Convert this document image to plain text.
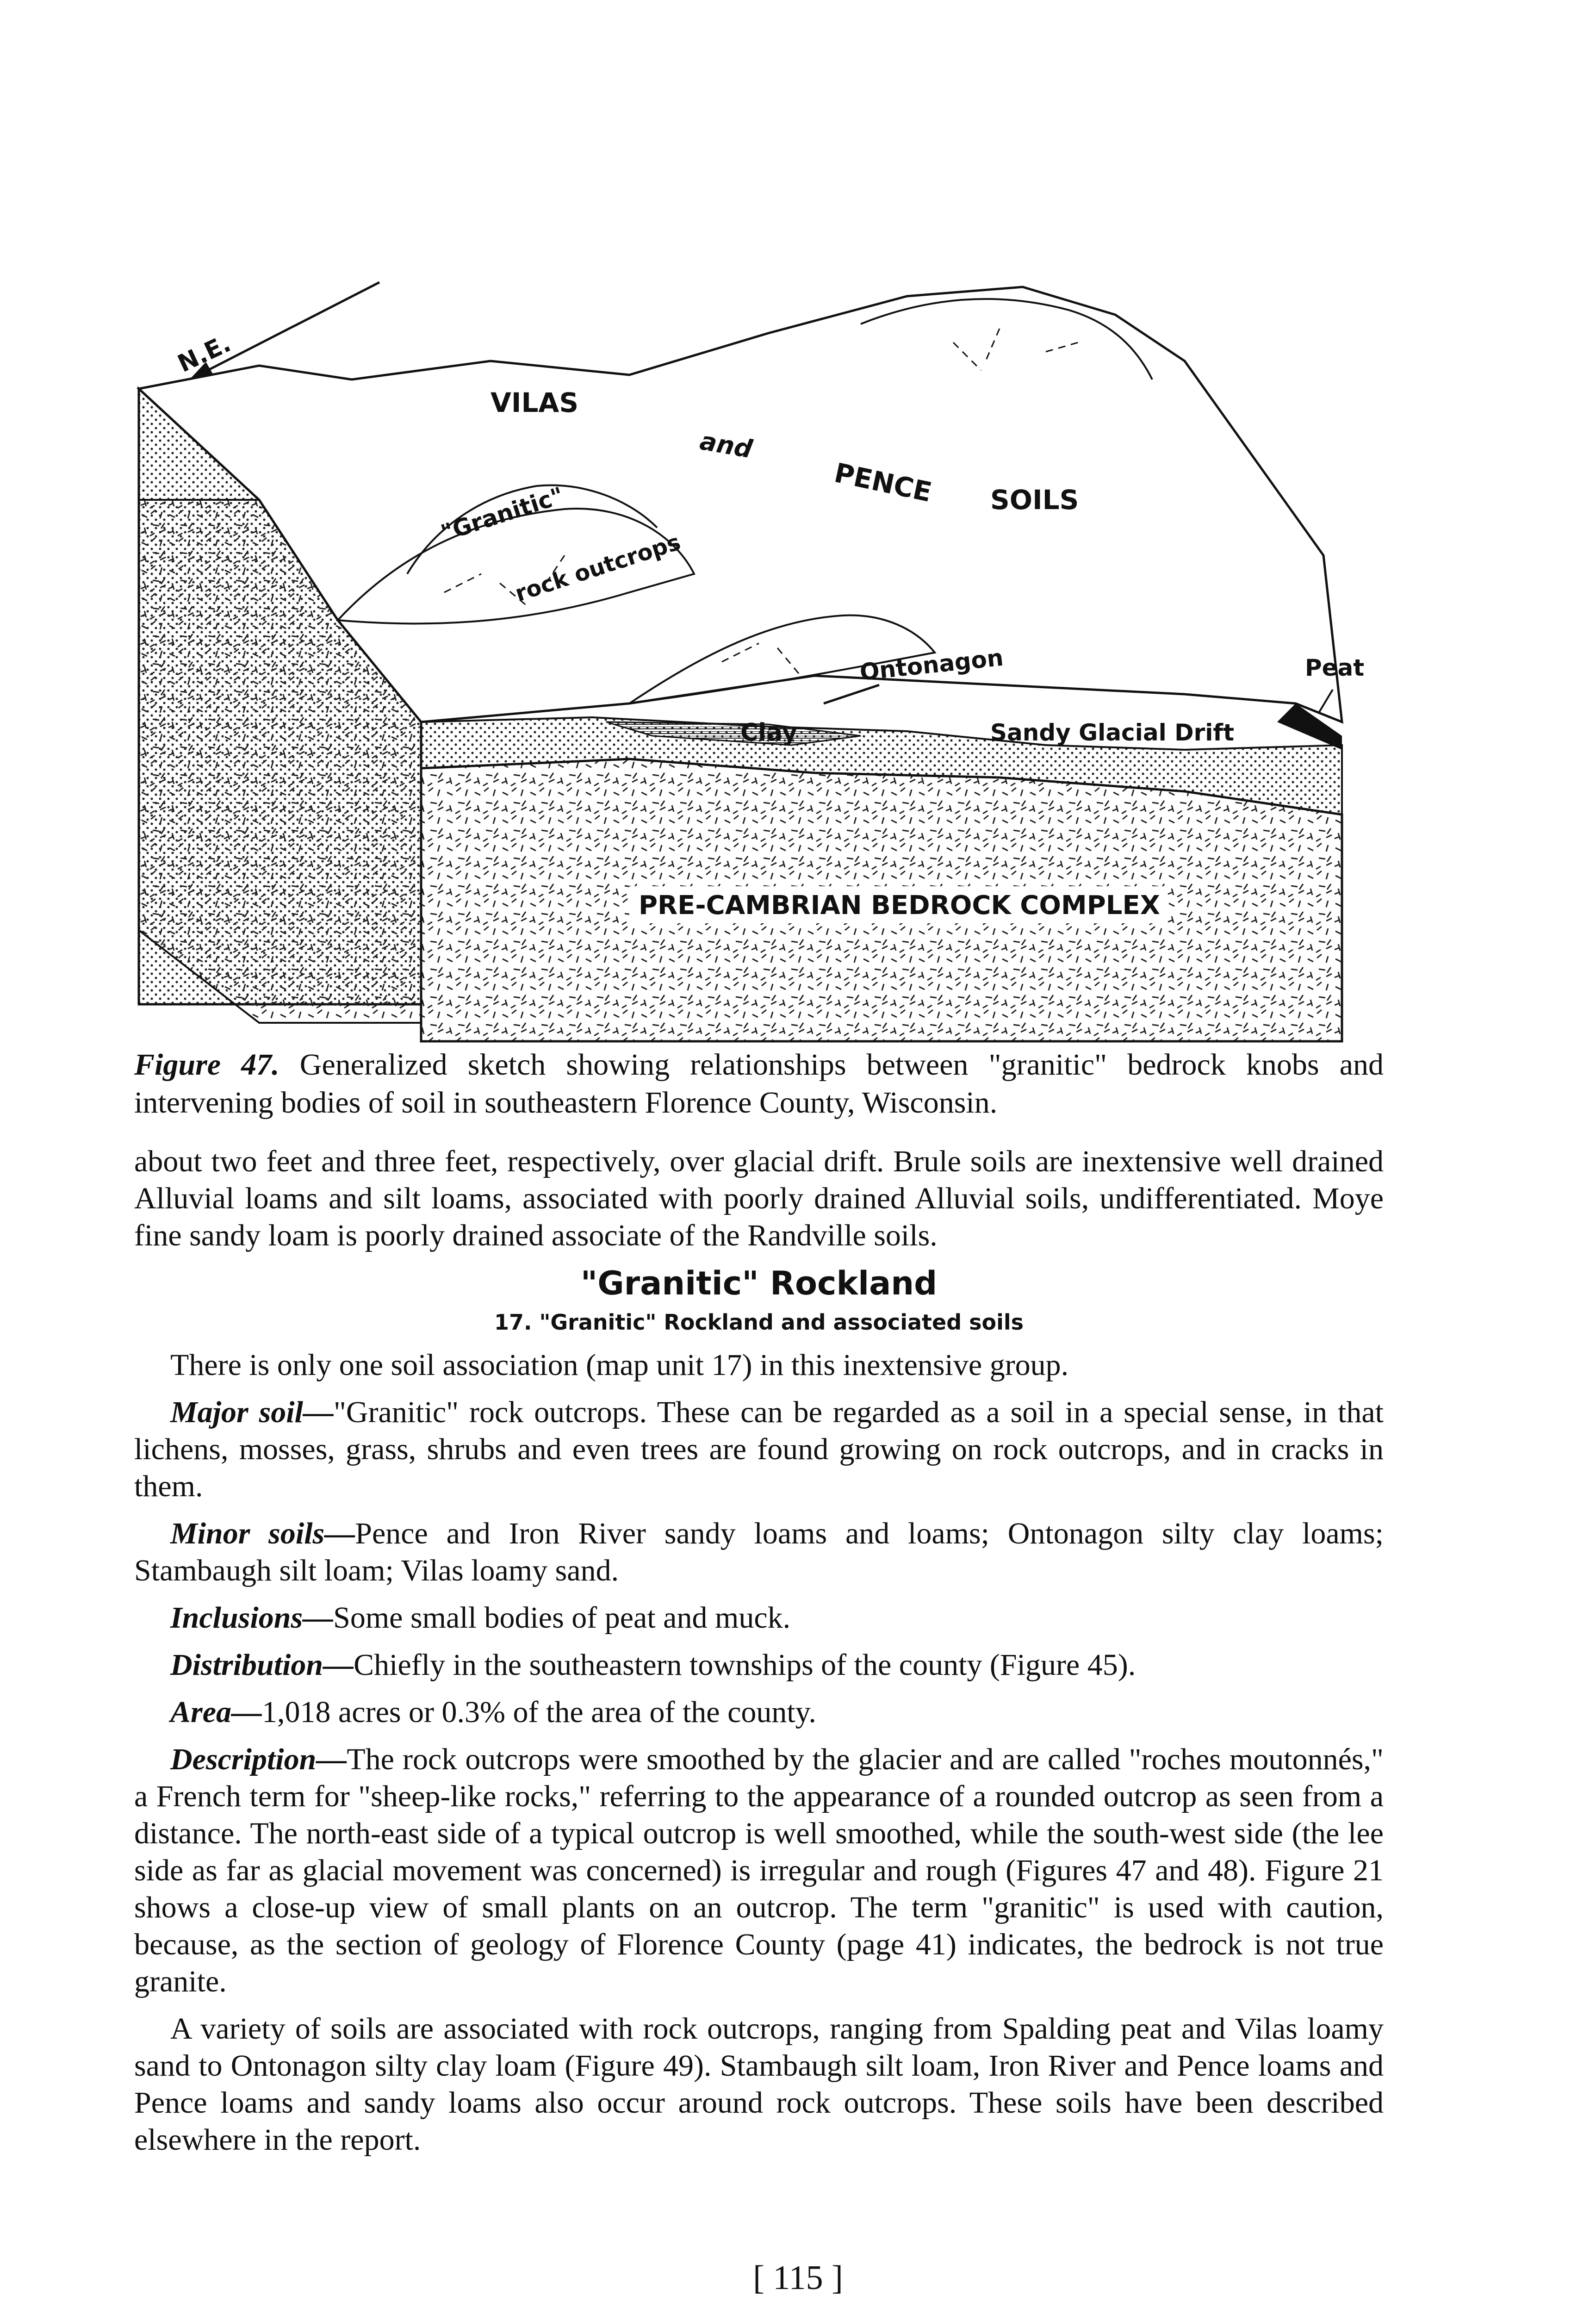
N.E.
VILAS
and
PENCE SOILS
"Granitic"
rock outcrops
Ontonagon	Peat
Clay	Sandy Glacial Drift
PRE-CAMBRIAN BEDROCK COMPLEX

Figure 47. Generalized sketch showing relationships between "granitic" bedrock knobs and intervening bodies of soil in southeastern Florence County, Wisconsin.

about two feet and three feet, respectively, over glacial drift. Brule soils are inextensive well drained Alluvial loams and silt loams, associated with poorly drained Alluvial soils, undifferentiated. Moye fine sandy loam is poorly drained associate of the Randville soils.

"Granitic" Rockland
17. "Granitic" Rockland and associated soils

There is only one soil association (map unit 17) in this inextensive group.

Major soil—"Granitic" rock outcrops. These can be regarded as a soil in a special sense, in that lichens, mosses, grass, shrubs and even trees are found growing on rock outcrops, and in cracks in them.

Minor soils—Pence and Iron River sandy loams and loams; Ontonagon silty clay loams; Stambaugh silt loam; Vilas loamy sand.

Inclusions—Some small bodies of peat and muck.

Distribution—Chiefly in the southeastern townships of the county (Figure 45).

Area—1,018 acres or 0.3% of the area of the county.

Description—The rock outcrops were smoothed by the glacier and are called "roches moutonnés," a French term for "sheep-like rocks," referring to the appearance of a rounded outcrop as seen from a distance. The north-east side of a typical outcrop is well smoothed, while the south-west side (the lee side as far as glacial movement was concerned) is irregular and rough (Figures 47 and 48). Figure 21 shows a close-up view of small plants on an outcrop. The term "granitic" is used with caution, because, as the section of geology of Florence County (page 41) indicates, the bedrock is not true granite.

A variety of soils are associated with rock outcrops, ranging from Spalding peat and Vilas loamy sand to Ontonagon silty clay loam (Figure 49). Stambaugh silt loam, Iron River and Pence loams and Pence loams and sandy loams also occur around rock outcrops. These soils have been described elsewhere in the report.

[ 115 ]
